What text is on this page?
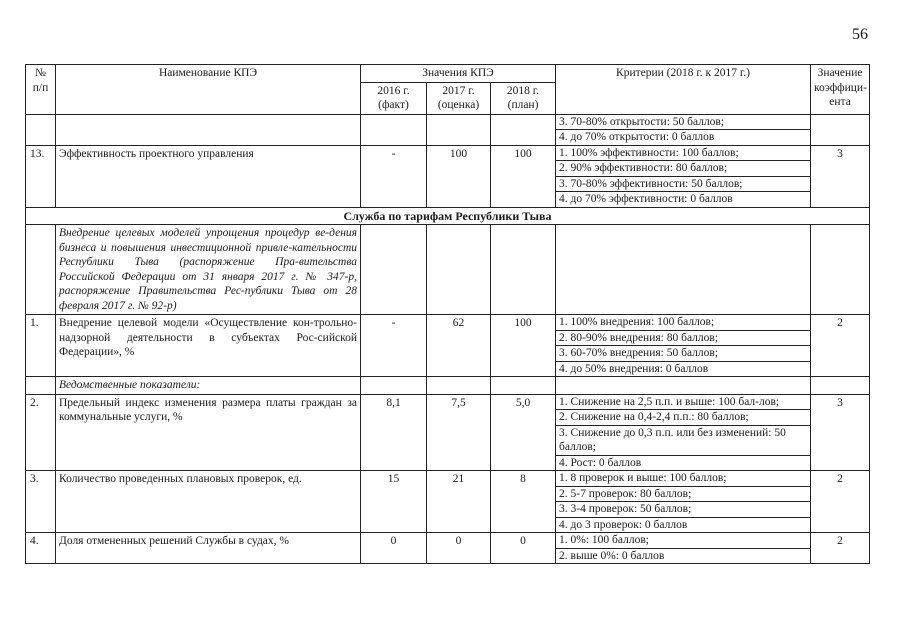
56
№ п/п	Наименование КПЭ	Значения КПЭ			Критерии (2018 г. к 2017 г.)	Значение коэффици-ента
		2016 г. (факт)	2017 г. (оценка)	2018 г. (план)		

					3. 70-80% открытости: 50 баллов;
4. до 70% открытости: 0 баллов	

13.	Эффективность проектного управления	-	100	100	1. 100% эффективности: 100 баллов;
2. 90% эффективности: 80 баллов;
3. 70-80% эффективности: 50 баллов;
4. до 70% эффективности: 0 баллов	3
Служба по тарифам Республики Тыва						
	Внедрение целевых моделей упрощения процедур ве-дения бизнеса и повышения инвестиционной привле-кательности Республики Тыва (распоряжение Пра-вительства Российской Федерации от 31 января 2017 г. № 347-р, распоряжение Правительства Рес-публики Тыва от 28 февраля 2017 г. № 92-р)					
1.	Внедрение целевой модели «Осуществление кон-трольно-надзорной деятельности в субъектах Рос-сийской Федерации», %	-	62	100	1. 100% внедрения: 100 баллов;
2. 80-90% внедрения: 80 баллов;
3. 60-70% внедрения: 50 баллов;
4. до 50% внедрения: 0 баллов	2
	Ведомственные показатели:					
2.	Предельный индекс изменения размера платы граждан за коммунальные услуги, %	8,1	7,5	5,0	1. Снижение на 2,5 п.п. и выше: 100 бал-лов;
2. Снижение на 0,4-2,4 п.п.: 80 баллов;
3. Снижение до 0,3 п.п. или без изменений: 50 баллов;
4. Рост: 0 баллов	3
3.	Количество проведенных плановых проверок, ед.	15	21	8	1. 8 проверок и выше: 100 баллов;
2. 5-7 проверок: 80 баллов;
3. 3-4 проверок: 50 баллов;
4. до 3 проверок: 0 баллов	2
4.	Доля отмененных решений Службы в судах, %	0	0	0	1. 0%: 100 баллов;
2. выше 0%: 0 баллов	2
